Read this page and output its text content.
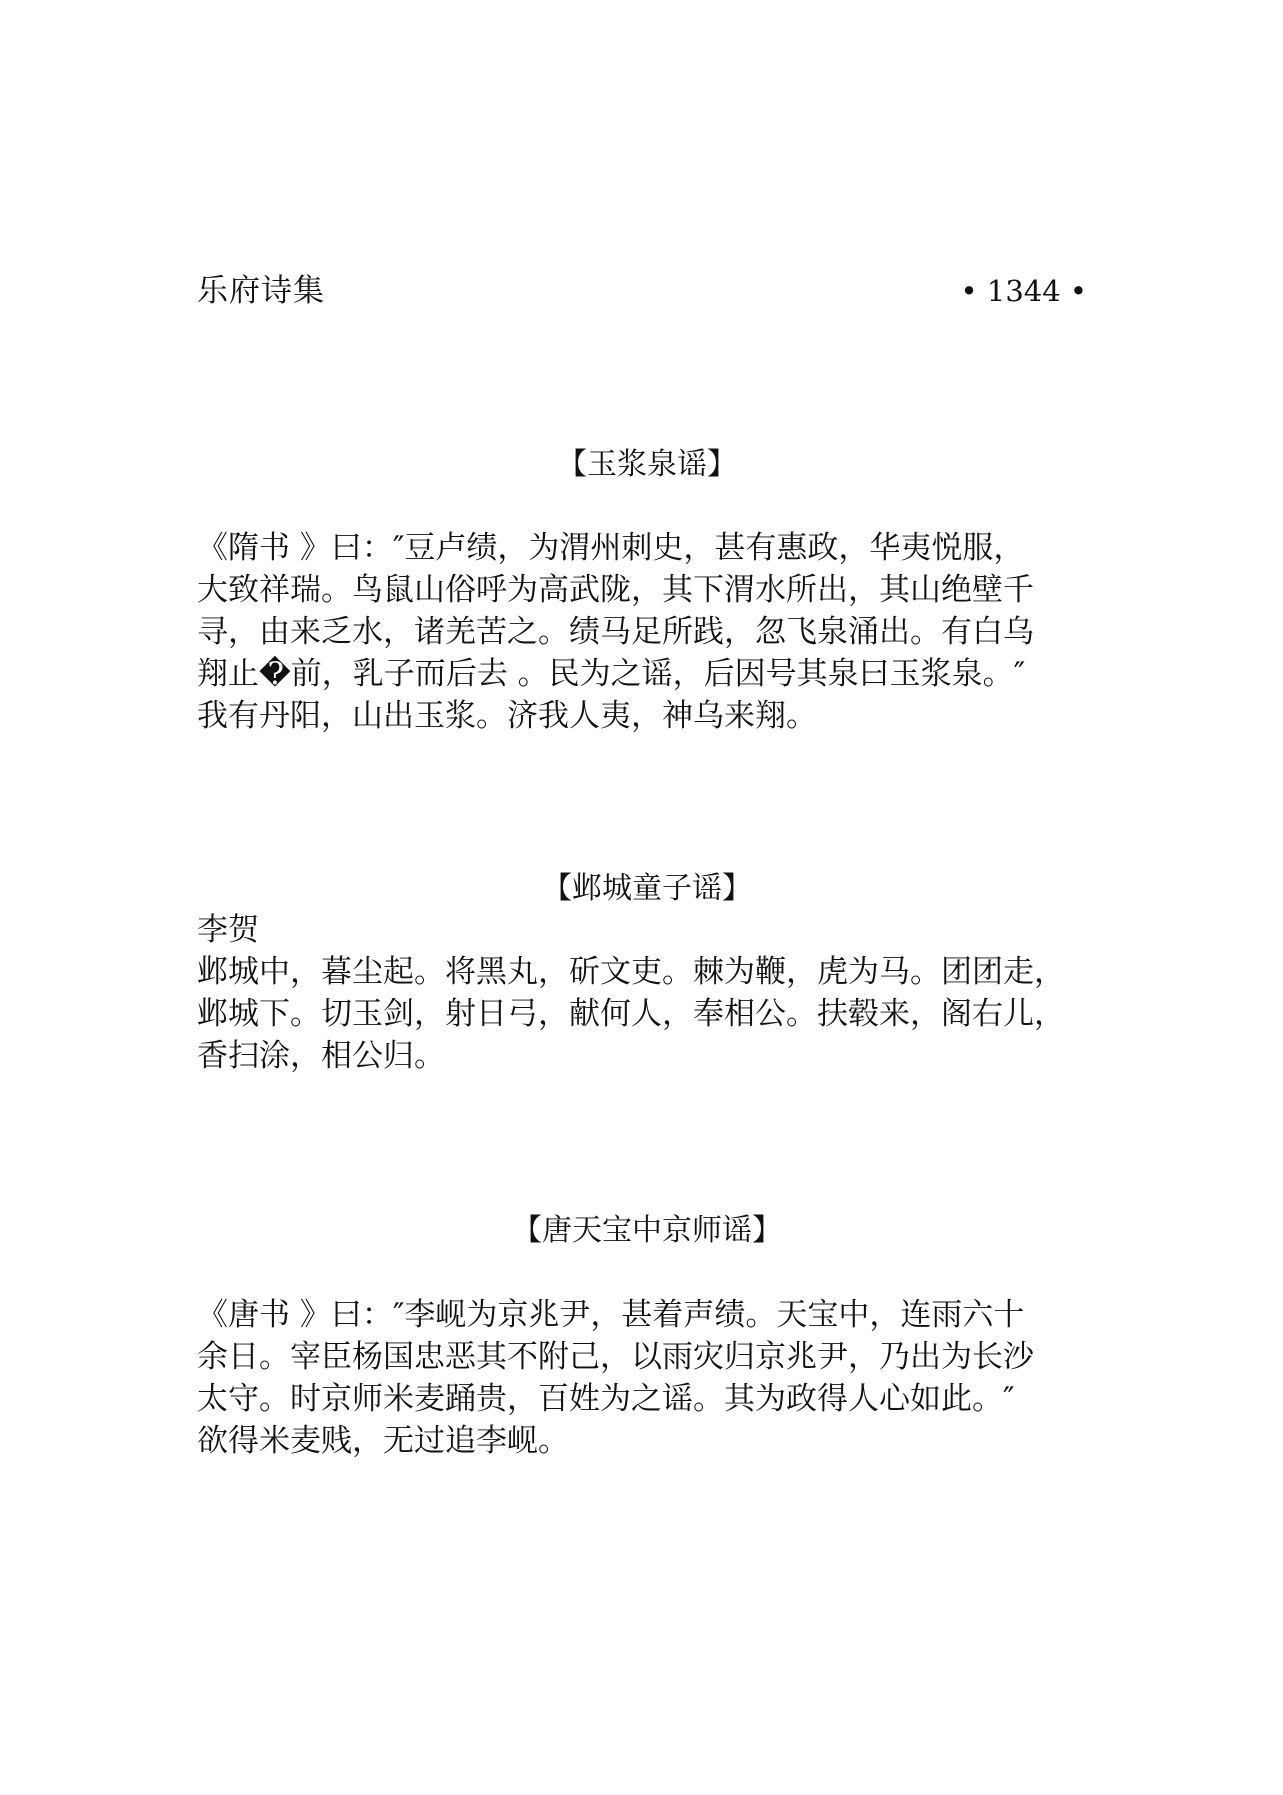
乐府诗集	• 1344 •
【玉浆泉谣】
《隋书 》曰：″豆卢绩，为渭州刺史，甚有惠政，华夷悦服，
大致祥瑞。鸟鼠山俗呼为高武陇，其下渭水所出，其山绝壁千
寻，由来乏水，诸羌苦之。绩马足所践，忽飞泉涌出。有白乌
翔止�前，乳子而后去 。民为之谣，后因号其泉曰玉浆泉。″
我有丹阳，山出玉浆。济我人夷，神乌来翔。
【邺城童子谣】
李贺
邺城中，暮尘起。将黑丸，斫文吏。棘为鞭，虎为马。团团走，
邺城下。切玉剑，射日弓，献何人，奉相公。扶毂来，阁右儿，
香扫涂，相公归。
【唐天宝中京师谣】
《唐书 》曰：″李岘为京兆尹，甚着声绩。天宝中，连雨六十
余日。宰臣杨国忠恶其不附己，以雨灾归京兆尹，乃出为长沙
太守。时京师米麦踊贵，百姓为之谣。其为政得人心如此。″
欲得米麦贱，无过追李岘。
